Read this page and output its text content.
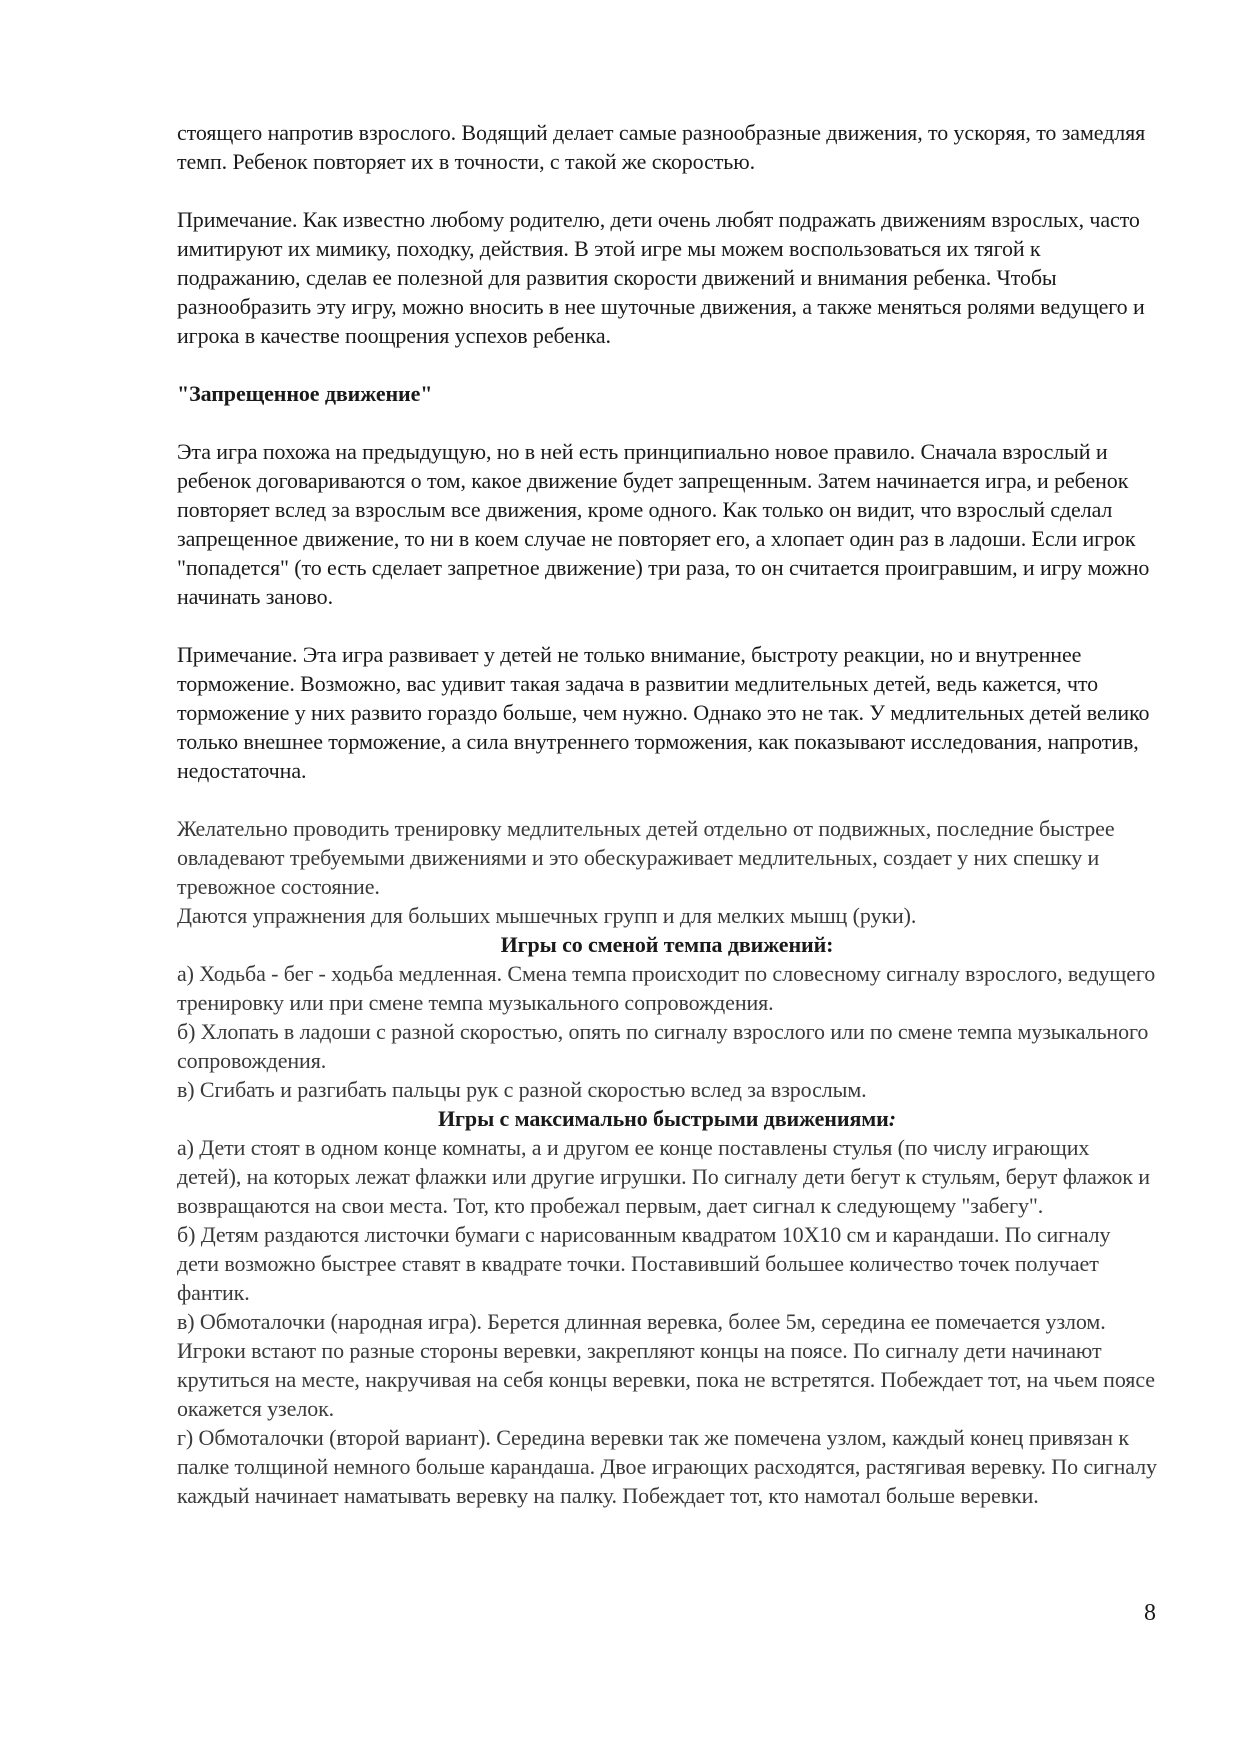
стоящего напротив взрослого. Водящий делает самые разнообразные движения, то ускоряя, то замедляя темп. Ребенок повторяет их в точности, с такой же скоростью.

Примечание. Как известно любому родителю, дети очень любят подражать движениям взрослых, часто имитируют их мимику, походку, действия. В этой игре мы можем воспользоваться их тягой к подражанию, сделав ее полезной для развития скорости движений и внимания ребенка. Чтобы разнообразить эту игру, можно вносить в нее шуточные движения, а также меняться ролями ведущего и игрока в качестве поощрения успехов ребенка.

"Запрещенное движение"

Эта игра похожа на предыдущую, но в ней есть принципиально новое правило. Сначала взрослый и ребенок договариваются о том, какое движение будет запрещенным. Затем начинается игра, и ребенок повторяет вслед за взрослым все движения, кроме одного. Как только он видит, что взрослый сделал запрещенное движение, то ни в коем случае не повторяет его, а хлопает один раз в ладоши. Если игрок "попадется" (то есть сделает запретное движение) три раза, то он считается проигравшим, и игру можно начинать заново.

Примечание. Эта игра развивает у детей не только внимание, быстроту реакции, но и внутреннее торможение. Возможно, вас удивит такая задача в развитии медлительных детей, ведь кажется, что торможение у них развито гораздо больше, чем нужно. Однако это не так. У медлительных детей велико только внешнее торможение, а сила внутреннего торможения, как показывают исследования, напротив, недостаточна.

Желательно проводить тренировку медлительных детей отдельно от подвижных, последние быстрее овладевают требуемыми движениями и это обескураживает медлительных, создает у них спешку и тревожное состояние.

Даются упражнения для больших мышечных групп и для мелких мышц (руки).

Игры со сменой темпа движений:

а) Ходьба - бег - ходьба медленная. Смена темпа происходит по словесному сигналу взрослого, ведущего тренировку или при смене темпа музыкального сопровождения.

б) Хлопать в ладоши с разной скоростью, опять по сигналу взрослого или по смене темпа музыкального сопровождения.

в) Сгибать и разгибать пальцы рук с разной скоростью вслед за взрослым.

Игры с максимально быстрыми движениями:

а) Дети стоят в одном конце комнаты, а и другом ее конце поставлены стулья (по числу играющих детей), на которых лежат флажки или другие игрушки. По сигналу дети бегут к стульям, берут флажок и возвращаются на свои места. Тот, кто пробежал первым, дает сигнал к следующему "забегу".

б) Детям раздаются листочки бумаги с нарисованным квадратом 10Х10 см и карандаши. По сигналу дети возможно быстрее ставят в квадрате точки. Поставивший большее количество точек получает фантик.

в) Обмоталочки (народная игра). Берется длинная веревка, более 5м, середина ее помечается узлом. Игроки встают по разные стороны веревки, закрепляют концы на поясе. По сигналу дети начинают крутиться на месте, накручивая на себя концы веревки, пока не встретятся. Побеждает тот, на чьем поясе окажется узелок.

г) Обмоталочки (второй вариант). Середина веревки так же помечена узлом, каждый конец привязан к палке толщиной немного больше карандаша. Двое играющих расходятся, растягивая веревку. По сигналу каждый начинает наматывать веревку на палку. Побеждает тот, кто намотал больше веревки.

8
